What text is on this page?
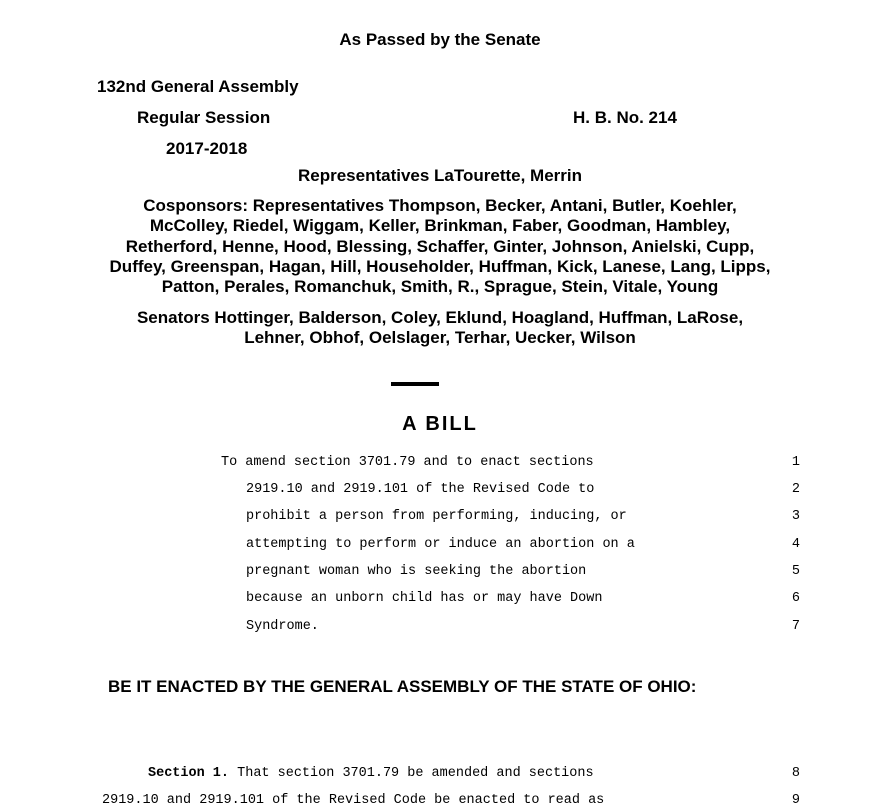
As Passed by the Senate
132nd General Assembly
Regular Session
2017-2018
H. B. No. 214
Representatives LaTourette, Merrin
Cosponsors: Representatives Thompson, Becker, Antani, Butler, Koehler,
McColley, Riedel, Wiggam, Keller, Brinkman, Faber, Goodman, Hambley,
Retherford, Henne, Hood, Blessing, Schaffer, Ginter, Johnson, Anielski, Cupp,
Duffey, Greenspan, Hagan, Hill, Householder, Huffman, Kick, Lanese, Lang, Lipps,
Patton, Perales, Romanchuk, Smith, R., Sprague, Stein, Vitale, Young
Senators Hottinger, Balderson, Coley, Eklund, Hoagland, Huffman, LaRose,
Lehner, Obhof, Oelslager, Terhar, Uecker, Wilson
A BILL
To amend section 3701.79 and to enact sections	1
2919.10 and 2919.101 of the Revised Code to	2
prohibit a person from performing, inducing, or	3
attempting to perform or induce an abortion on a	4
pregnant woman who is seeking the abortion	5
because an unborn child has or may have Down	6
Syndrome.	7
BE IT ENACTED BY THE GENERAL ASSEMBLY OF THE STATE OF OHIO:
Section 1. That section 3701.79 be amended and sections	8
2919.10 and 2919.101 of the Revised Code be enacted to read as	9
